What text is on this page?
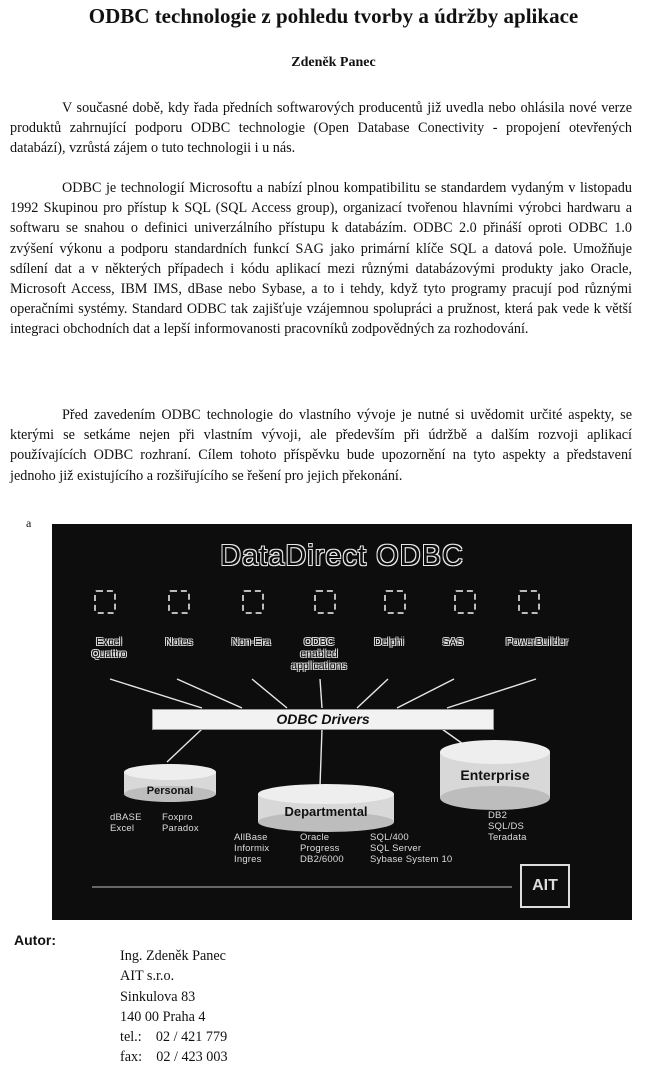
ODBC technologie z pohledu tvorby a údržby aplikace
Zdeněk Panec

V současné době, kdy řada předních softwarových producentů již uvedla nebo ohlásila nové verze produktů zahrnující podporu ODBC technologie (Open Database Conectivity - propojení otevřených databází), vzrůstá zájem o tuto technologii i u nás.

ODBC je technologií Microsoftu a nabízí plnou kompatibilitu se standardem vydaným v listopadu 1992 Skupinou pro přístup k SQL (SQL Access group), organizací tvořenou hlavními výrobci hardwaru a softwaru se snahou o definici univerzálního přístupu k databázím. ODBC 2.0 přináší oproti ODBC 1.0 zvýšení výkonu a podporu standardních funkcí SAG jako primární klíče SQL a datová pole. Umožňuje sdílení dat a v některých případech i kódu aplikací mezi různými databázovými produkty jako Oracle, Microsoft Access, IBM IMS, dBase nebo Sybase, a to i tehdy, když tyto programy pracují pod různými operačními systémy. Standard ODBC tak zajišťuje vzájemnou spolupráci a pružnost, která pak vede k větší integraci obchodních dat a lepší informovanosti pracovníků zodpovědných za rozhodování.

Před zavedením ODBC technologie do vlastního vývoje je nutné si uvědomit určité aspekty, se kterými se setkáme nejen při vlastním vývoji, ale především při údržbě a dalším rozvoji aplikací používajících ODBC rozhraní. Cílem tohoto příspěvku bude upozornění na tyto aspekty a představení jednoho již existujícího a rozšiřujícího se řešení pro jejich překonání.

a
DataDirect ODBC
Excel
Quattro
Notes	Non-Era	ODBC
enabled
applications
Delphi	SAS	PowerBuilder
Personal
Departmental
Enterprise
ODBC Drivers
dBASE
Excel
Foxpro
Paradox
AllBase
Informix
Ingres
Oracle
Progress
DB2/6000
SQL/400
SQL Server
Sybase System 10
DB2
SQL/DS
Teradata
AIT
Autor:
Ing. Zdeněk Panec
AIT s.r.o.
Sinkulova 83
140 00 Praha 4
tel.:    02 / 421 779
fax:    02 / 423 003
